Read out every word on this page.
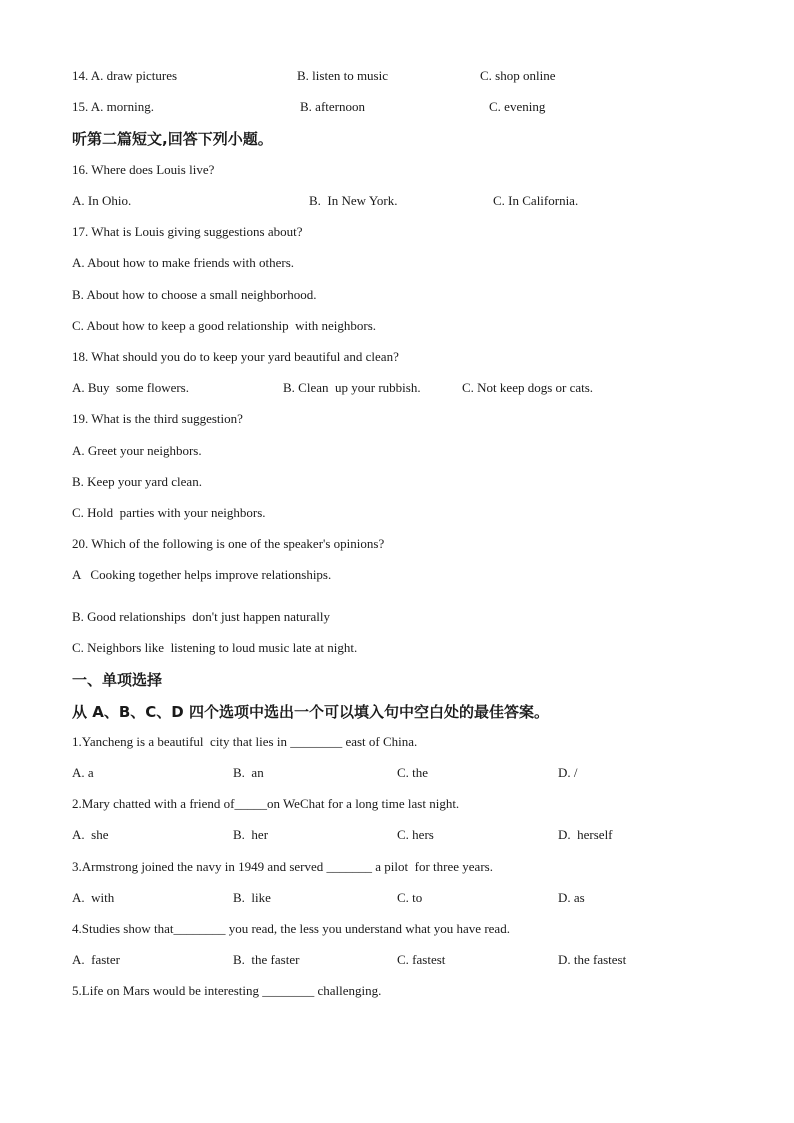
14. A. draw pictures	B. listen to music	C. shop online
15. A. morning.	B. afternoon	C. evening
听第二篇短文,回答下列小题。
16. Where does Louis live?
A. In Ohio.	B.  In New York.	C. In California.
17. What is Louis giving suggestions about?
A. About how to make friends with others.
B. About how to choose a small neighborhood.
C. About how to keep a good relationship  with neighbors.
18. What should you do to keep your yard beautiful and clean?
A. Buy  some flowers.	B. Clean  up your rubbish.	C. Not keep dogs or cats.
19. What is the third suggestion?
A. Greet your neighbors.
B. Keep your yard clean.
C. Hold  parties with your neighbors.
20. Which of the following is one of the speaker's opinions?
A   Cooking together helps improve relationships.
B. Good relationships  don't just happen naturally
C. Neighbors like  listening to loud music late at night.
一、单项选择
从 A、B、C、D 四个选项中选出一个可以填入句中空白处的最佳答案。
1.Yancheng is a beautiful  city that lies in ________ east of China.
A. a	B.  an	C. the	D. /
2.Mary chatted with a friend of_____on WeChat for a long time last night.
A.  she	B.  her	C. hers	D.  herself
3.Armstrong joined the navy in 1949 and served _______ a pilot  for three years.
A.  with	B.  like	C. to	D. as
4.Studies show that________ you read, the less you understand what you have read.
A.  faster	B.  the faster	C. fastest	D. the fastest
5.Life on Mars would be interesting ________ challenging.
